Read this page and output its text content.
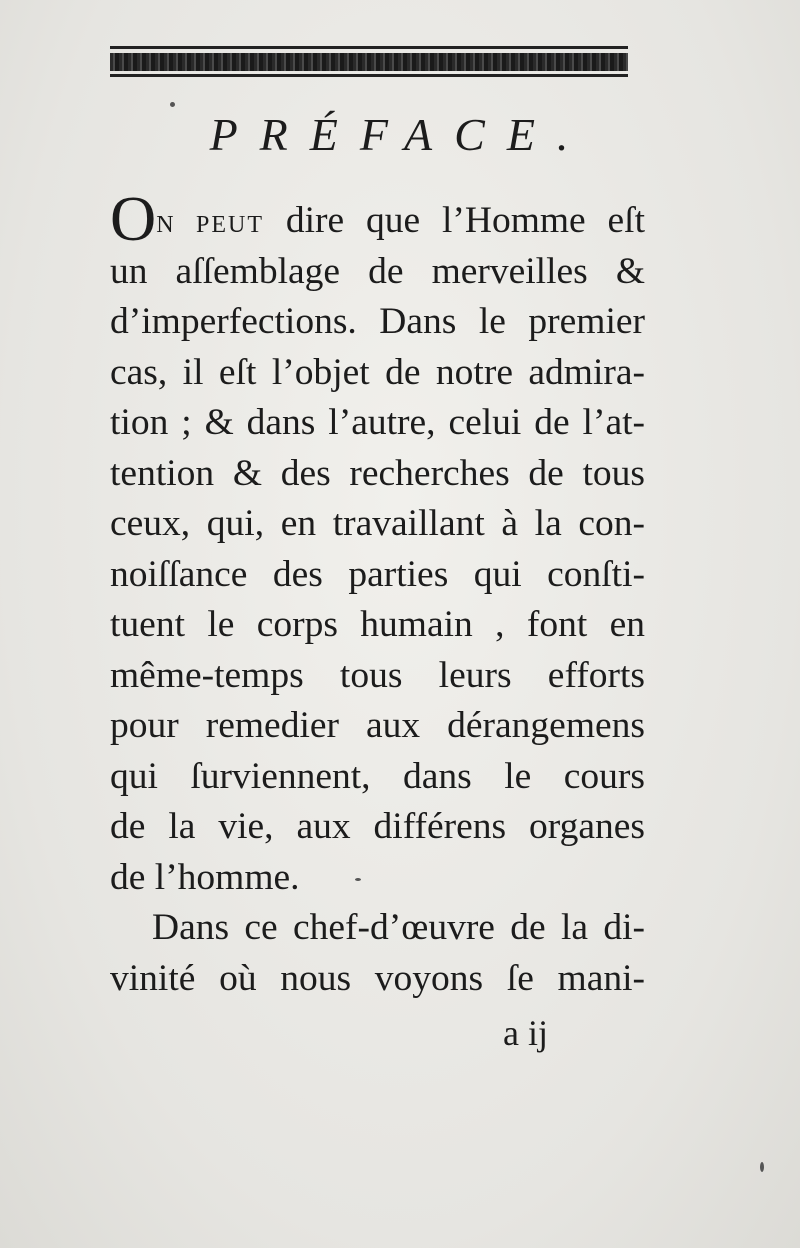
PRÉFACE.
ON PEUT dire que l’Homme eſt
un aſſemblage de merveilles &
d’imperfections. Dans le premier
cas, il eſt l’objet de notre admira-
tion ; & dans l’autre, celui de l’at-
tention & des recherches de tous
ceux, qui, en travaillant à la con-
noiſſance des parties qui conſti-
tuent le corps humain , font en
même-temps tous leurs efforts
pour remedier aux dérangemens
qui ſurviennent, dans le cours
de la vie, aux différens organes
de l’homme.
Dans ce chef-d’œuvre de la di-
vinité où nous voyons ſe mani-
a ij
